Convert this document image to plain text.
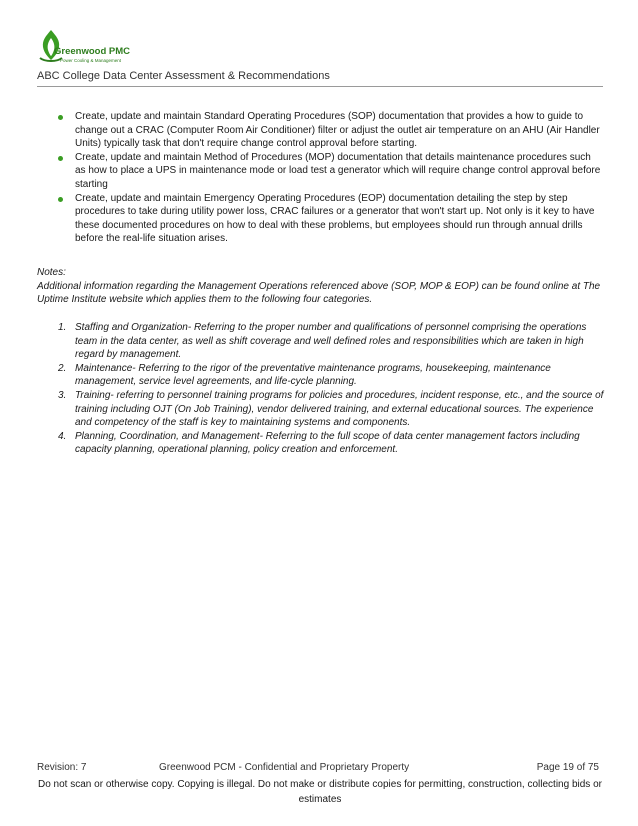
Greenwood PMC
Power Cooling & Management
ABC College Data Center Assessment & Recommendations
Create, update and maintain Standard Operating Procedures (SOP) documentation that provides a how to guide to change out a CRAC (Computer Room Air Conditioner) filter or adjust the outlet air temperature on an AHU (Air Handler Units) typically task that don't require change control approval before starting.
Create, update and maintain Method of Procedures (MOP) documentation that details maintenance procedures such as how to place a UPS in maintenance mode or load test a generator which will require change control approval before starting
Create, update and maintain Emergency Operating Procedures (EOP) documentation detailing the step by step procedures to take during utility power loss, CRAC failures or a generator that won't start up. Not only is it key to have these documented procedures on how to deal with these problems, but employees should run through annual drills before the real-life situation arises.

Notes:

Additional information regarding the Management Operations referenced above (SOP, MOP & EOP) can be found online at The Uptime Institute website which applies them to the following four categories.

1. Staffing and Organization- Referring to the proper number and qualifications of personnel comprising the operations team in the data center, as well as shift coverage and well defined roles and responsibilities which are taken in high regard by management.
2. Maintenance- Referring to the rigor of the preventative maintenance programs, housekeeping, maintenance management, service level agreements, and life-cycle planning.
3. Training- referring to personnel training programs for policies and procedures, incident response, etc., and the source of training including OJT (On Job Training), vendor delivered training, and external educational sources. The experience and competency of the staff is key to maintaining systems and components.
4. Planning, Coordination, and Management- Referring to the full scope of data center management factors including capacity planning, operational planning, policy creation and enforcement.
Revision: 7	Greenwood PCM - Confidential and Proprietary Property	Page 19 of 75
Do not scan or otherwise copy. Copying is illegal. Do not make or distribute copies for permitting, construction, collecting bids or estimates
